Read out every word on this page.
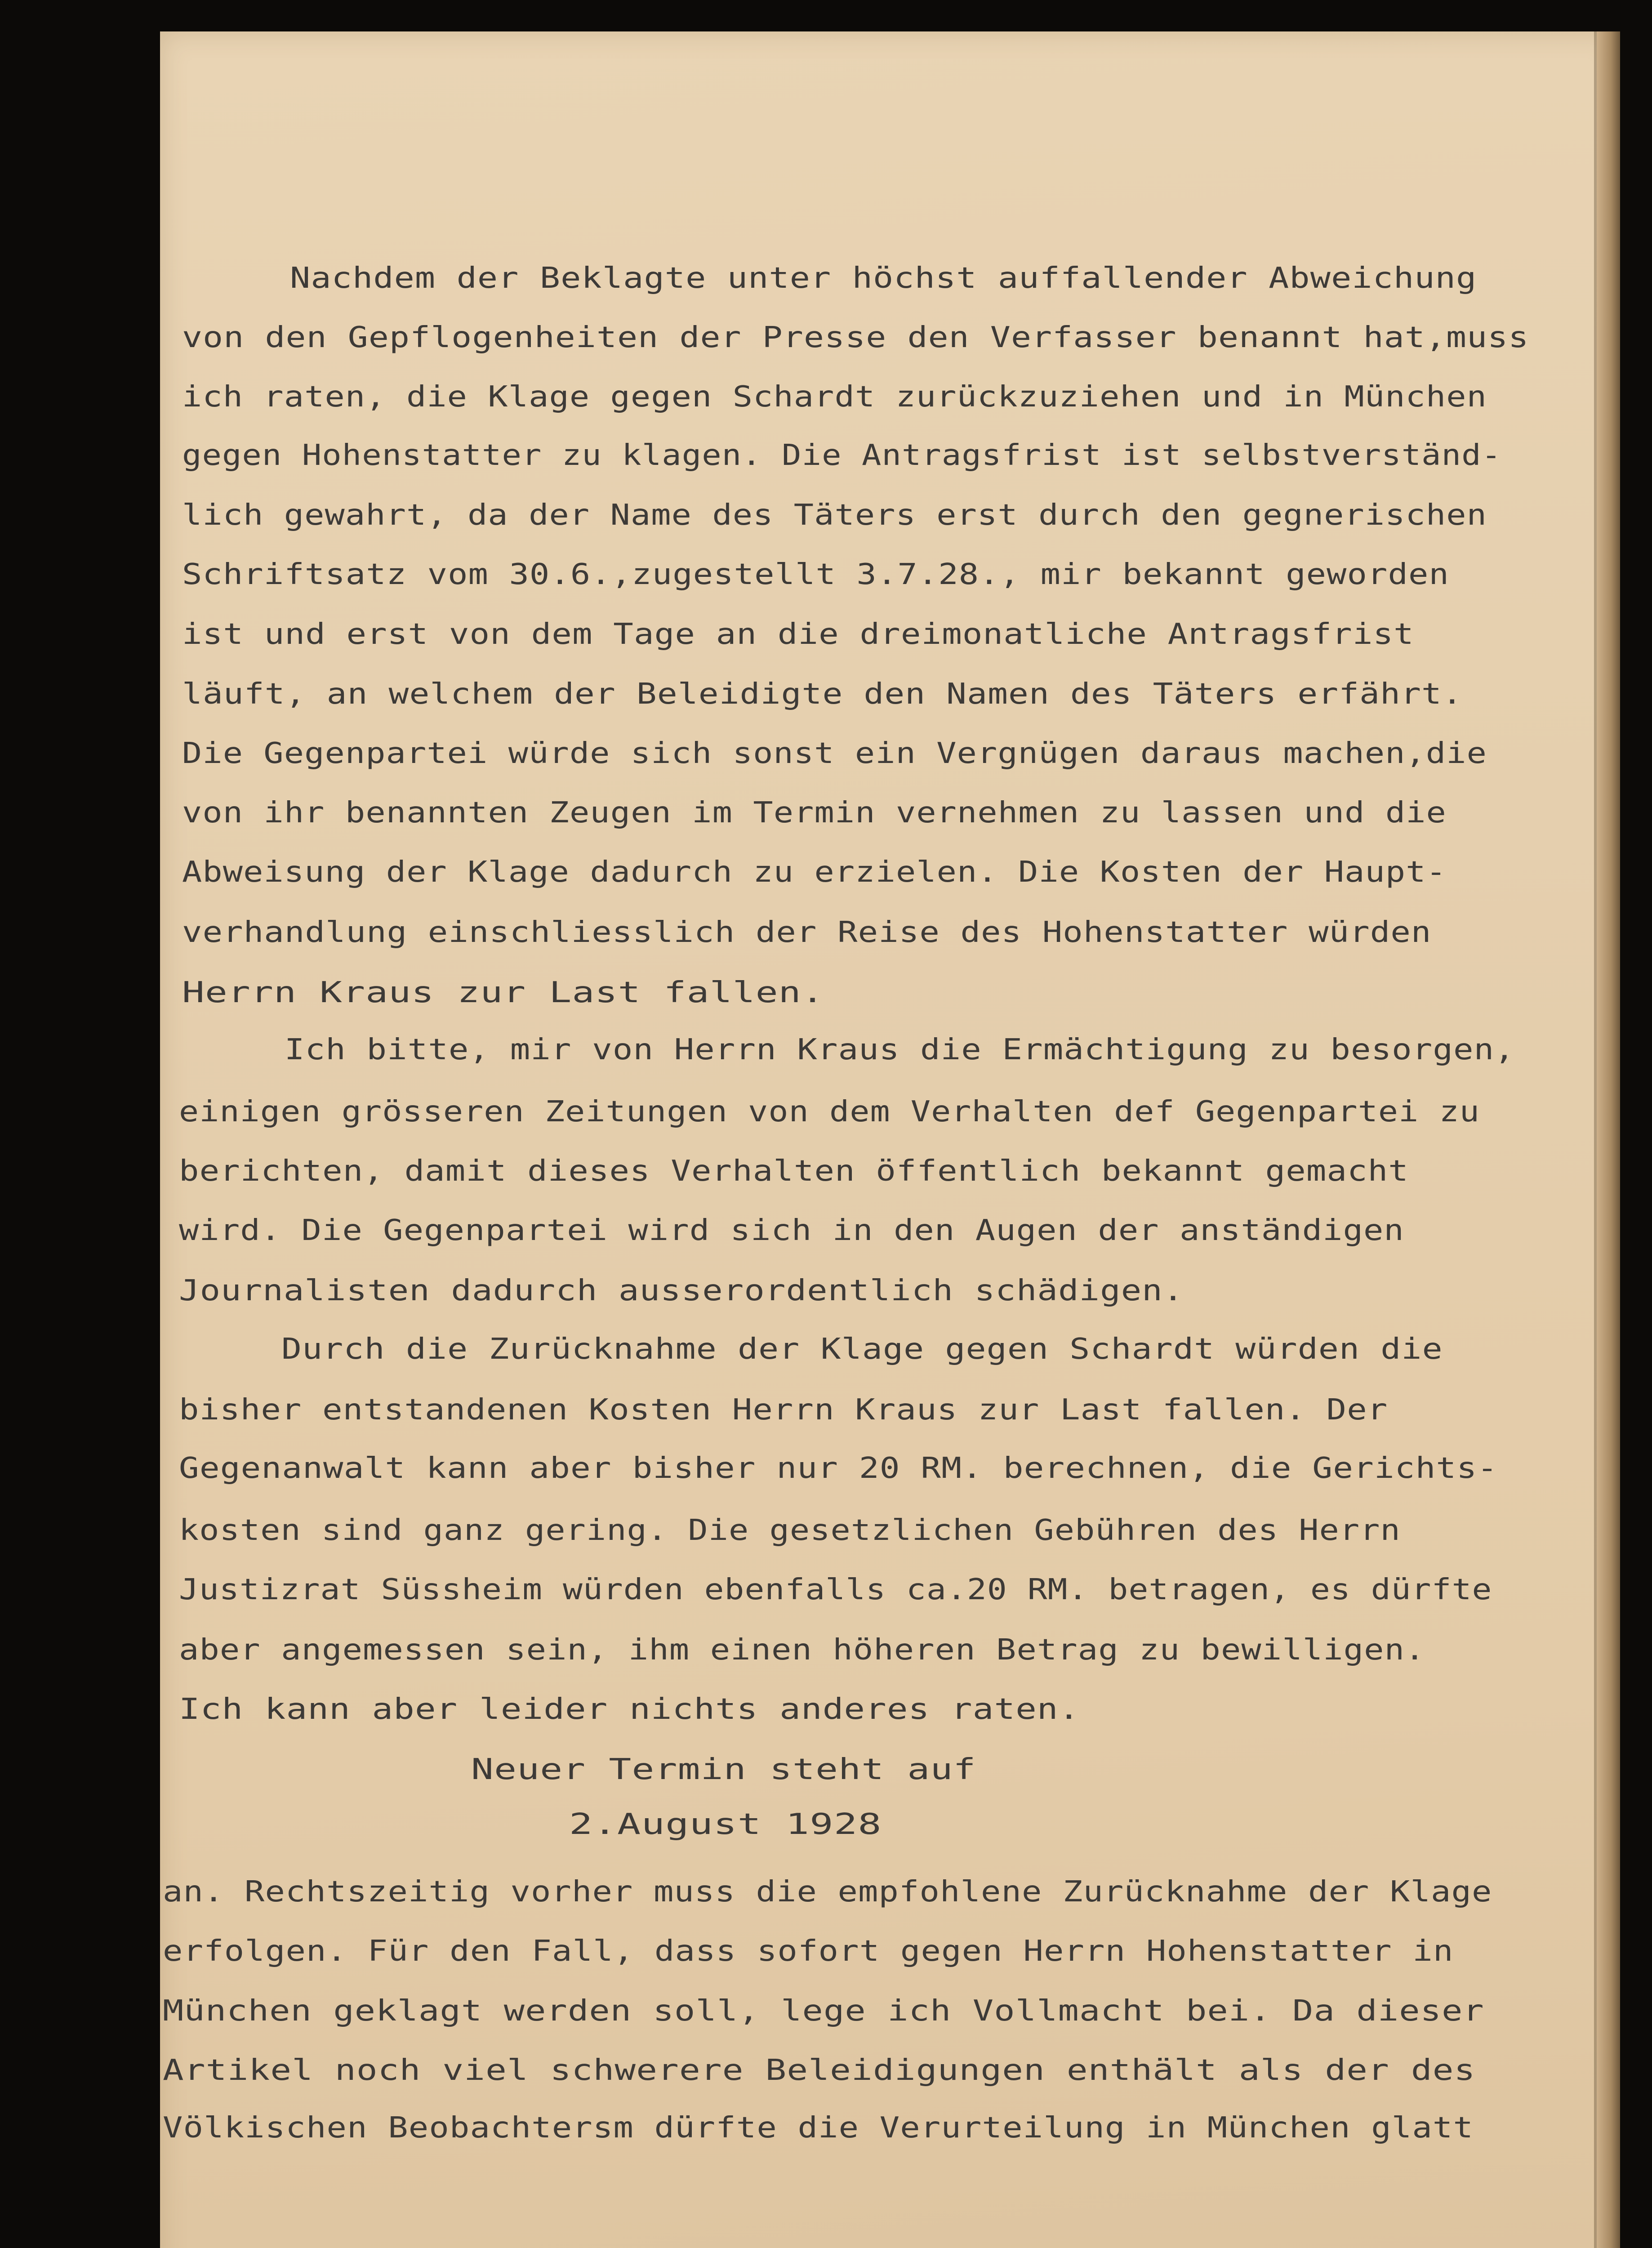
Nachdem der Beklagte unter höchst auffallender Abweichung

von den Gepflogenheiten der Presse den Verfasser benannt hat,muss

ich raten, die Klage gegen Schardt zurückzuziehen und in München

gegen Hohenstatter zu klagen. Die Antragsfrist ist selbstverständ-

lich gewahrt, da der Name des Täters erst durch den gegnerischen

Schriftsatz vom 30.6.,zugestellt 3.7.28., mir bekannt geworden

ist und erst von dem Tage an die dreimonatliche Antragsfrist

läuft, an welchem der Beleidigte den Namen des Täters erfährt.

Die Gegenpartei würde sich sonst ein Vergnügen daraus machen,die

von ihr benannten Zeugen im Termin vernehmen zu lassen und die

Abweisung der Klage dadurch zu erzielen. Die Kosten der Haupt-

verhandlung einschliesslich der Reise des Hohenstatter würden

Herrn Kraus zur Last fallen.

Ich bitte, mir von Herrn Kraus die Ermächtigung zu besorgen,

einigen grösseren Zeitungen von dem Verhalten def Gegenpartei zu

berichten, damit dieses Verhalten öffentlich bekannt gemacht

wird. Die Gegenpartei wird sich in den Augen der anständigen

Journalisten dadurch ausserordentlich schädigen.

Durch die Zurücknahme der Klage gegen Schardt würden die

bisher entstandenen Kosten Herrn Kraus zur Last fallen. Der

Gegenanwalt kann aber bisher nur 20 RM. berechnen, die Gerichts-

kosten sind ganz gering. Die gesetzlichen Gebühren des Herrn

Justizrat Süssheim würden ebenfalls ca.20 RM. betragen, es dürfte

aber angemessen sein, ihm einen höheren Betrag zu bewilligen.

Ich kann aber leider nichts anderes raten.

Neuer Termin steht auf

2.August 1928

an. Rechtszeitig vorher muss die empfohlene Zurücknahme der Klage

erfolgen. Für den Fall, dass sofort gegen Herrn Hohenstatter in

München geklagt werden soll, lege ich Vollmacht bei. Da dieser

Artikel noch viel schwerere Beleidigungen enthält als der des

Völkischen Beobachtersm dürfte die Verurteilung in München glatt
